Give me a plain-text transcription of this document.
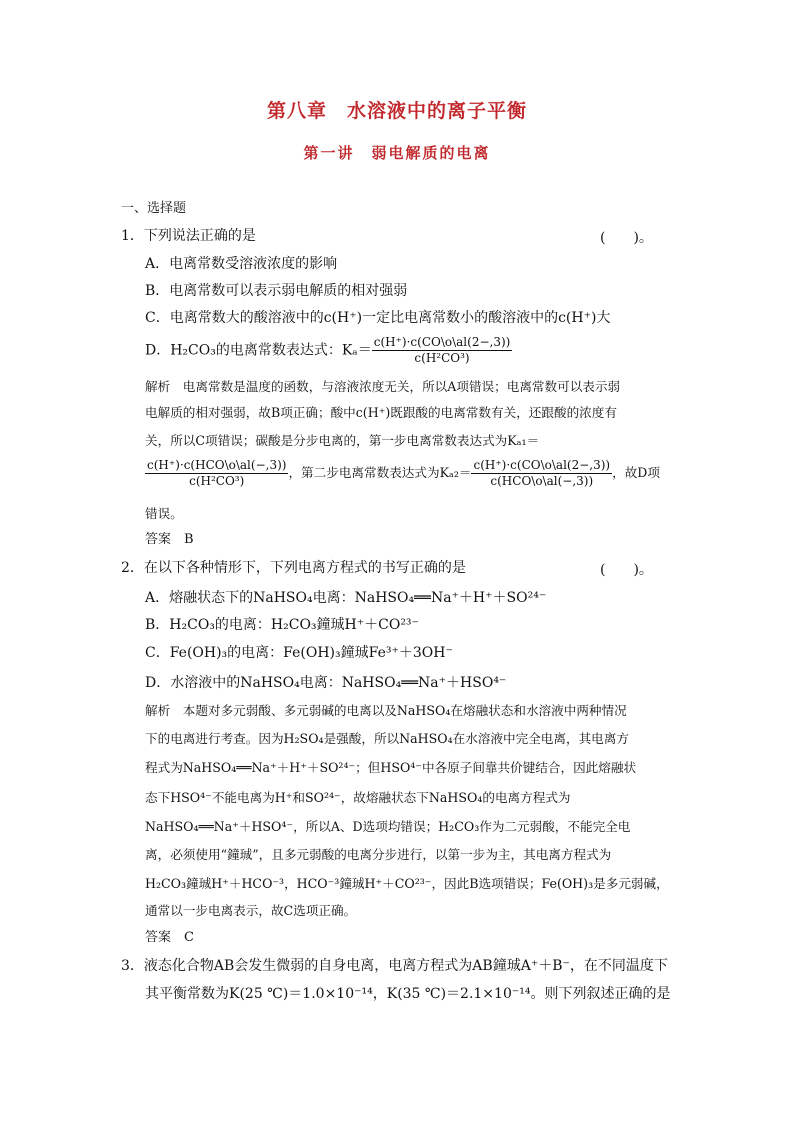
第八章　水溶液中的离子平衡
第一讲　弱电解质的电离
一、选择题
1．下列说法正确的是	(　　)。
A．电离常数受溶液浓度的影响
B．电离常数可以表示弱电解质的相对强弱
C．电离常数大的酸溶液中的c(H⁺)一定比电离常数小的酸溶液中的c(H⁺)大
D．H₂CO₃的电离常数表达式：$K_a= \frac{c(H^+)\cdot c(CO\backslash o\backslash al(2-,3))}{\text{c(H²CO³)}}$
解析　电离常数是温度的函数，与溶液浓度无关，所以A项错误；电离常数可以表示弱
电解质的相对强弱，故B项正确；酸中c(H⁺)既跟酸的电离常数有关，还跟酸的浓度有
关，所以C项错误；碳酸是分步电离的，第一步电离常数表达式为Kₐ₁＝
$\frac{\text{c(H⁺)·c(HCO\textbackslash{}o\textbackslash{}al(−,3))}}{\text{c(H²CO³)}}$ ，第二步电离常数表达式为$K_{a2}= \frac{c(H^+)\cdot c(CO\backslash o\backslash al(2-,3))}{\text{c(HCO\textbackslash{}o\textbackslash{}al(−,3))}}$ ，故D项
错误。
答案　B
2．在以下各种情形下，下列电离方程式的书写正确的是	(　　)。
A．熔融状态下的NaHSO₄电离：NaHSO₄══Na⁺＋H⁺＋SO²⁴⁻
B．H₂CO₃的电离：H₂CO₃鐘珹H⁺＋CO²³⁻
C．Fe(OH)₃的电离：Fe(OH)₃鐘珹Fe³⁺＋3OH⁻
D．水溶液中的NaHSO₄电离：NaHSO₄══Na⁺＋HSO⁴⁻
解析　本题对多元弱酸、多元弱碱的电离以及NaHSO₄在熔融状态和水溶液中两种情况
下的电离进行考查。因为H₂SO₄是强酸，所以NaHSO₄在水溶液中完全电离，其电离方
程式为NaHSO₄══Na⁺＋H⁺＋SO²⁴⁻；但HSO⁴⁻中各原子间靠共价键结合，因此熔融状
态下HSO⁴⁻不能电离为H⁺和SO²⁴⁻，故熔融状态下NaHSO₄的电离方程式为
NaHSO₄══Na⁺＋HSO⁴⁻，所以A、D选项均错误；H₂CO₃作为二元弱酸，不能完全电
离，必须使用“鐘珹”，且多元弱酸的电离分步进行，以第一步为主，其电离方程式为
H₂CO₃鐘珹H⁺＋HCO⁻³，HCO⁻³鐘珹H⁺＋CO²³⁻，因此B选项错误；Fe(OH)₃是多元弱碱，
通常以一步电离表示，故C选项正确。
答案　C
3．液态化合物AB会发生微弱的自身电离，电离方程式为AB鐘珹A⁺＋B⁻，在不同温度下
其平衡常数为K(25 ℃)＝1.0×10⁻¹⁴，K(35 ℃)＝2.1×10⁻¹⁴。则下列叙述正确的是
